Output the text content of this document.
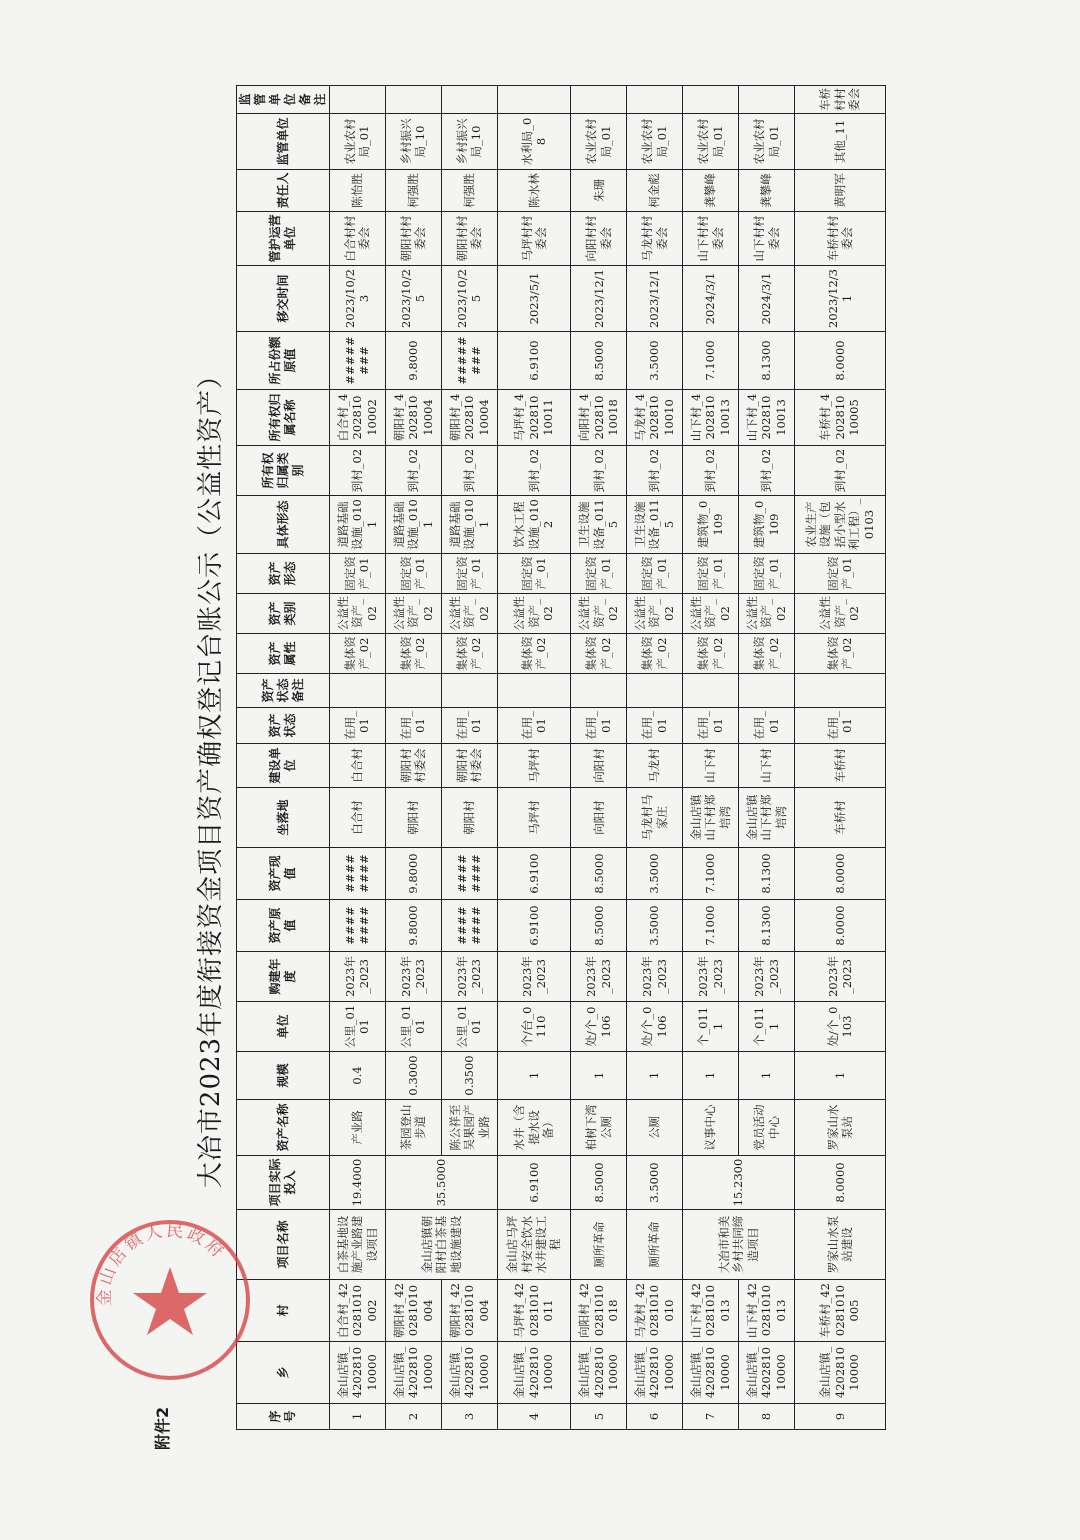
附件2
大冶市2023年度衔接资金项目资产确权登记台账公示（公益性资产）
序号	乡	村	项目名称	项目实际投入	资产名称	规模	单位	购建年度	资产原值	资产现值	坐落地	建设单位	资产状态	资产状态备注	资产属性	资产类别	资产形态	具体形态	所有权归属类别	所有权归属名称	所占份额原值	移交时间	管护运营单位	责任人	监管单位	监管单位备注
1	金山店镇_420281010000	白合村_420281010002	白茶基地设施产业路建设项目	19.4000	产业路	0.4	公里_0101	2023年_2023	########	########	白合村	白合村	在用_01		集体资产_02	公益性资产_02	固定资产_01	道路基础设施_0101	到村_02	白合村_420281010002	########	2023/10/23	白合村村委会	陈怡胜	农业农村局_01	
2	金山店镇_420281010000	朝阳村_420281010004	金山店镇朝阳村白茶基地设施建设	35.5000	茶园登山步道	0.3000	公里_0101	2023年_2023	9.8000	9.8000	朝阳村	朝阳村村委会	在用_01		集体资产_02	公益性资产_02	固定资产_01	道路基础设施_0101	到村_02	朝阳村_420281010004	9.8000	2023/10/25	朝阳村村委会	柯强胜	乡村振兴局_10	
3	金山店镇_420281010000	朝阳村_420281010004			陈公祥至吴果园产业路	0.3500	公里_0101	2023年_2023	########	########	朝阳村	朝阳村村委会	在用_01		集体资产_02	公益性资产_02	固定资产_01	道路基础设施_0101	到村_02	朝阳村_420281010004	########	2023/10/25	朝阳村村委会	柯强胜	乡村振兴局_10	
4	金山店镇_420281010000	马坪村_420281010011	金山店马坪村安全饮水水井建设工程	6.9100	水井（含提水设备）	1	个/台_0110	2023年_2023	6.9100	6.9100	马坪村	马坪村	在用_01		集体资产_02	公益性资产_02	固定资产_01	饮水工程设施_0102	到村_02	马坪村_420281010011	6.9100	2023/5/1	马坪村村委会	陈水林	水利局_08	
5	金山店镇_420281010000	向阳村_420281010018	厕所革命	8.5000	柏树下湾公厕	1	处/个_0106	2023年_2023	8.5000	8.5000	向阳村	向阳村	在用_01		集体资产_02	公益性资产_02	固定资产_01	卫生设施设备_0115	到村_02	向阳村_420281010018	8.5000	2023/12/1	向阳村村委会	朱珊	农业农村局_01	
6	金山店镇_420281010000	马龙村_420281010010	厕所革命	3.5000	公厕	1	处/个_0106	2023年_2023	3.5000	3.5000	马龙村马家庄	马龙村	在用_01		集体资产_02	公益性资产_02	固定资产_01	卫生设施设备_0115	到村_02	马龙村_420281010010	3.5000	2023/12/1	马龙村村委会	柯金彪	农业农村局_01	
7	金山店镇_420281010000	山下村_420281010013	大冶市和美乡村共同缔造项目	15.2300	议事中心	1	个_0111	2023年_2023	7.1000	7.1000	金山店镇山下村郑培湾	山下村	在用_01		集体资产_02	公益性资产_02	固定资产_01	建筑物_0109	到村_02	山下村_420281010013	7.1000	2024/3/1	山下村村委会	龚攀峰	农业农村局_01	
8	金山店镇_420281010000	山下村_420281010013			党员活动中心	1	个_0111	2023年_2023	8.1300	8.1300	金山店镇山下村郑培湾	山下村	在用_01		集体资产_02	公益性资产_02	固定资产_01	建筑物_0109	到村_02	山下村_420281010013	8.1300	2024/3/1	山下村村委会	龚攀峰	农业农村局_01	
9	金山店镇_420281010000	车桥村_420281010005	罗家山水泵站建设	8.0000	罗家山水泵站	1	处/个_0103	2023年_2023	8.0000	8.0000	车桥村	车桥村	在用_01		集体资产_02	公益性资产_02	固定资产_01	农业生产设施（包括小型水利工程）_0103	到村_02	车桥村_420281010005	8.0000	2023/12/31	车桥村村委会	黄明军	其他_11	车桥村村委会
金山店镇人民政府
